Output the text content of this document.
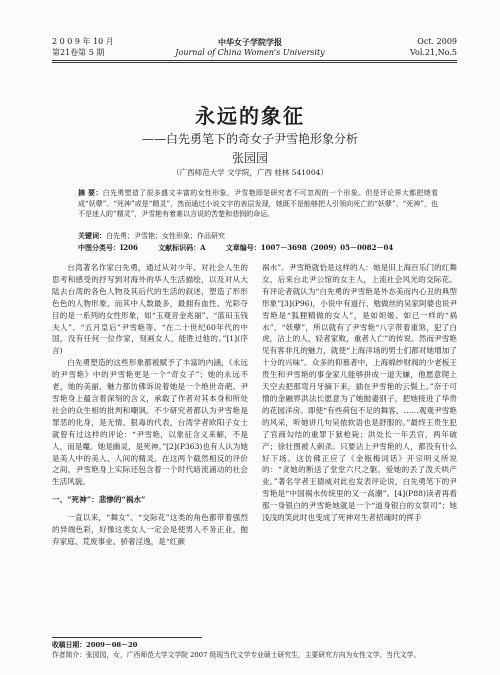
2 0 0 9 年 10 月
第21卷第 5 期
中华女子学院学报
Journal of China Women's University
Oct. 2009
Vol.21,No.5
永远的象征
——白先勇笔下的奇女子尹雪艳形象分析
张园园
（广西师范大学 文学院，广西 桂林 541004）
摘 要：白先勇塑造了很多盛文丰富的女性形象，尹雪艳即是研究者不可忽视的一个形象。但是评论界大都把她看成“妖孽”、“死神”或是“精灵”，然而通过小说文字的表层发现，她既不是能够把人引领向死亡的“妖孽”、“死神”，也不是迷人的“精灵”，尹雪艳有着难以言说的苦楚和悲悯的命运。
关键词：白先勇；尹雪艳；女性形象；作品研究
中图分类号：I206	文献标识码：A	文章编号：1007－3698（2009）05－0082－04

台湾著名作家白先勇，通过从对少年、对社会人生的思考和感受的抒写到对海外的华人生活描绘，以及对从大陆去台湾的各色人物及其后代的生活的叙述，塑造了形形色色的人物形象，而其中人数最多，最拥有血性、光彩夺目的是一系列的女性形象，如“玉观音金兆丽”、“蓝田玉钱夫人”、“五月皇后”尹雪艳等。“在二十世纪60年代的中国，没有任何一位作家，刻画女人，能胜过他的。”[1](序言)

白先勇塑造的这些形象都被赋予了丰富的内涵，《永远的尹雪艳》中的尹雪艳更是一个“奇女子”；她的永远不老，她的美丽、魅力都仿佛诉说着她是一个绝世奇葩。尹雪艳身上蕴含着深刻的含义，承载了作者对其本身和所处社会的众生相的批判和嘲讽。不少研究者都认为尹雪艳是罪恶的化身，是无情、狠毒的代表，台湾学者欧阳子女士就曾有过这样的评论：“尹雪艳，以象征含义来解，不是人，而是魔。她是幽灵，是死神。”[2](P363)也有人认为她是美人中的美人、人间的精灵。在这两个截然相反的评价之间，尹雪艳身上实际还包含着一个时代暗流涌动的社会生活风貌。

一、“死神”：悲惨的“祸水”

一直以来，“舞女”、“交际花”这类的角色都带着强烈的异端色彩，好像这类女人一定会是使男人不务正业、抛弃家庭、荒废事业、骄奢淫逸，是“红颜

祸水”。尹雪艳就恰是这样的人：她是旧上海百乐门的红舞女，后来台北尹公馆的女主人，上流社会风光的交际花。有评论者就认为“白先勇的尹雪艳是外态美而内心丑的典型形象”[3](P96)，小说中有道行、勉做丝的吴家阿婆也说尹雪艳是“狐狸精做的女人”，是如妲姬、如已一样的“祸水”、“妖孽”，所以就有了尹雪艳“八字带着重煞，犯了白虎，沾上的人，轻者家败，重者人亡”的传说。然而尹雪艳见有客非凡的魅力，就使“上海洋场的男士们都对她增加了十分的兴味”。众多的仰慕者中，上海棉纱财阀的少老板王贵生和尹雪艳的事金家儿能够拼成一道天嫌，他愿意爬上天空去把那弯月牙摘下来，插在尹雪艳的云鬓上。”奈于可憎的金融界洪法长愿意为了她抛妻别子，把她接进了华贵的花园洋房。即使“有些荷包不足的舞客，……观观尹雪艳的风采，听她讲几句吴侬软语也是舒服的。”最终王贵生犯了官商勾结的重罪下狱枪毙；洪处长一年丢官，两年破产；徐壮图被人刺杀。只要沾上尹雪艳的人，都没有什么好下场。这仿佛正应了《金瓶梅词话》开宗明义所说的：“贪她的断送了堂堂六尺之躯，爱她的丢了泼天哄产业。”著名学者王德威对此也发表评论说，白先勇笔下的尹雪艳是“中国祸水传统里的又一高潮”。[4](P88)读者再看那一身银白的尹雪艳她就是一个“道身银白的女祭司”；她浅浅的笑此时也变成了死神对生者招魂时的挥手

收稿日期：2009－08－20
作者简介：张园园，女，广西师范大学文学院 2007 级现当代文学专业硕士研究生，主要研究方向为女性文学、当代文学。
